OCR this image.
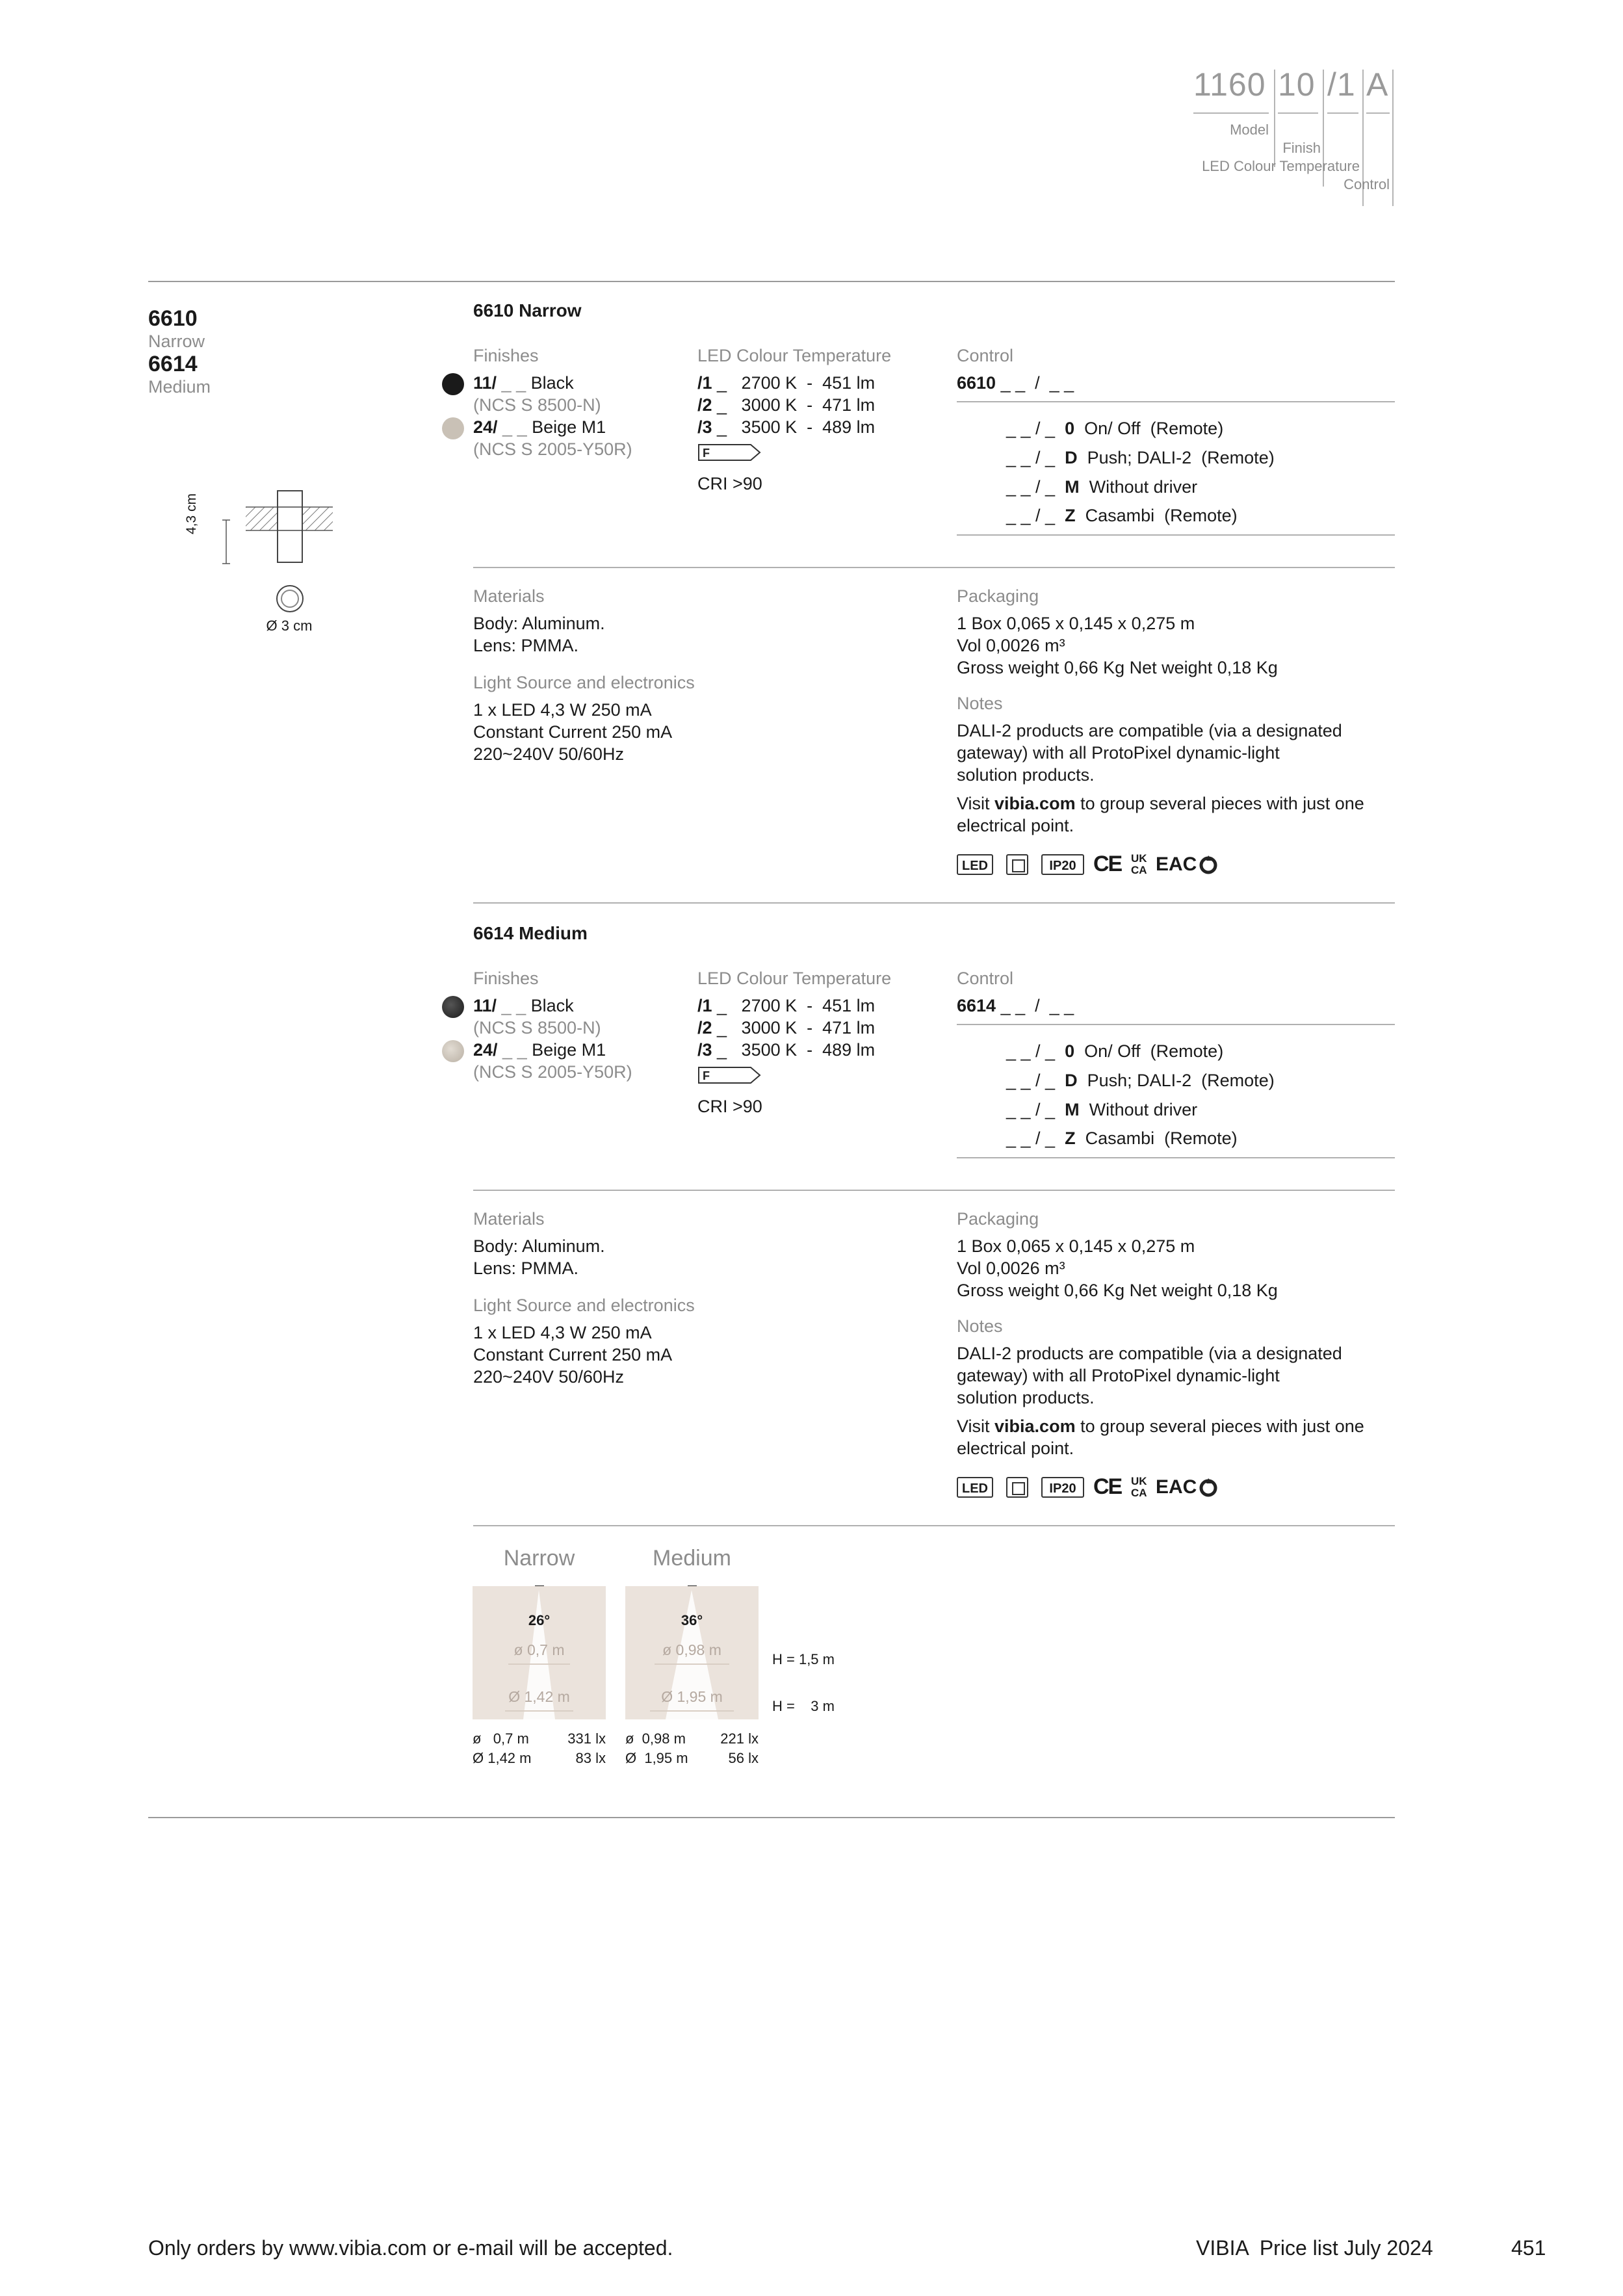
1160 10 /1 A
Model
Finish
LED Colour Temperature
Control
6610
Narrow
6614
Medium
4,3 cm
Ø 3 cm
6610 Narrow
Finishes
11/ _ _ Black
(NCS S 8500-N)
24/ _ _ Beige M1
(NCS S 2005-Y50R)
LED Colour Temperature
/1 _   2700 K  -  451 lm
/2 _   3000 K  -  471 lm
/3 _   3500 K  -  489 lm
F
CRI >90
Control
6610 _ _  /  _ _
_ _ / _ 0 On/ Off  (Remote)
_ _ / _ D Push; DALI-2  (Remote)
_ _ / _ M Without driver
_ _ / _ Z Casambi  (Remote)
Materials
Body: Aluminum.
Lens: PMMA.
Light Source and electronics
1 x LED 4,3 W 250 mA
Constant Current 250 mA
220~240V 50/60Hz
Packaging
1 Box 0,065 x 0,145 x 0,275 m
Vol 0,0026 m³
Gross weight 0,66 Kg Net weight 0,18 Kg
Notes
DALI-2 products are compatible (via a designated
gateway) with all ProtoPixel dynamic-light
solution products.
Visit vibia.com to group several pieces with just one
electrical point.
LED	IP20 CE UK
CA EAC
6614 Medium
Finishes
11/ _ _ Black
(NCS S 8500-N)
24/ _ _ Beige M1
(NCS S 2005-Y50R)
LED Colour Temperature
/1 _   2700 K  -  451 lm
/2 _   3000 K  -  471 lm
/3 _   3500 K  -  489 lm
F
CRI >90
Control
6614 _ _  /  _ _
_ _ / _ 0 On/ Off  (Remote)
_ _ / _ D Push; DALI-2  (Remote)
_ _ / _ M Without driver
_ _ / _ Z Casambi  (Remote)
Materials
Body: Aluminum.
Lens: PMMA.
Light Source and electronics
1 x LED 4,3 W 250 mA
Constant Current 250 mA
220~240V 50/60Hz
Packaging
1 Box 0,065 x 0,145 x 0,275 m
Vol 0,0026 m³
Gross weight 0,66 Kg Net weight 0,18 Kg
Notes
DALI-2 products are compatible (via a designated
gateway) with all ProtoPixel dynamic-light
solution products.
Visit vibia.com to group several pieces with just one
electrical point.
LED	IP20 CE UK
CA EAC
Narrow
26°
ø 0,7 m
Ø 1,42 m
ø   0,7 m	331 lx
Ø 1,42 m	83 lx
Medium
36°
ø 0,98 m
Ø 1,95 m
ø  0,98 m 221 lx
Ø  1,95 m	56 lx
H = 1,5 m
H =    3 m
Only orders by www.vibia.com or e-mail will be accepted.	VIBIA  Price list July 2024	451
